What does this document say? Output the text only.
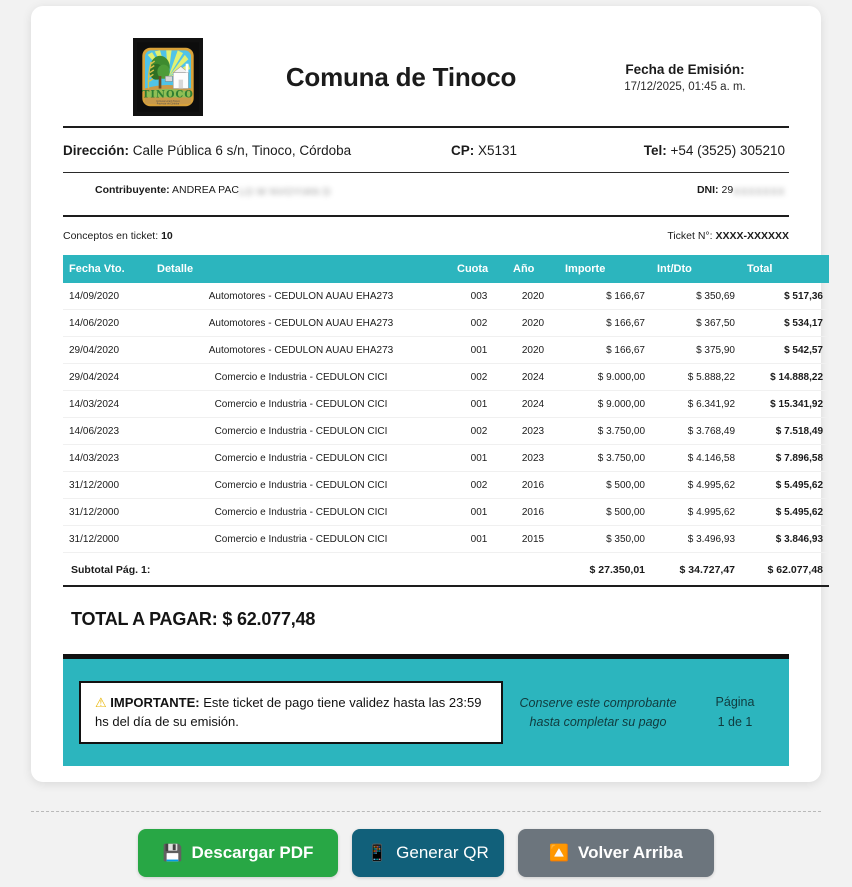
TINOCO
Comuna Lorem Tinoco
Provincia de Córdoba
Comuna de Tinoco	Fecha de Emisión:
17/12/2025, 01:45 a. m.
Dirección: Calle Pública 6 s/n, Tinoco, Córdoba	CP: X5131	Tel: +54 (3525) 305210
Contribuyente: ANDREA PACLO M NVOYIAN D	DNI: 29XXXXXXX
Conceptos en ticket: 10	Ticket N°: XXXX-XXXXXX
Fecha Vto.	Detalle	Cuota	Año	Importe	Int/Dto	Total
14/09/2020	Automotores - CEDULON AUAU EHA273	003	2020	$ 166,67	$ 350,69	$ 517,36
14/06/2020	Automotores - CEDULON AUAU EHA273	002	2020	$ 166,67	$ 367,50	$ 534,17
29/04/2020	Automotores - CEDULON AUAU EHA273	001	2020	$ 166,67	$ 375,90	$ 542,57
29/04/2024	Comercio e Industria - CEDULON CICI	002	2024	$ 9.000,00	$ 5.888,22	$ 14.888,22
14/03/2024	Comercio e Industria - CEDULON CICI	001	2024	$ 9.000,00	$ 6.341,92	$ 15.341,92
14/06/2023	Comercio e Industria - CEDULON CICI	002	2023	$ 3.750,00	$ 3.768,49	$ 7.518,49
14/03/2023	Comercio e Industria - CEDULON CICI	001	2023	$ 3.750,00	$ 4.146,58	$ 7.896,58
31/12/2000	Comercio e Industria - CEDULON CICI	002	2016	$ 500,00	$ 4.995,62	$ 5.495,62
31/12/2000	Comercio e Industria - CEDULON CICI	001	2016	$ 500,00	$ 4.995,62	$ 5.495,62
31/12/2000	Comercio e Industria - CEDULON CICI	001	2015	$ 350,00	$ 3.496,93	$ 3.846,93
Subtotal Pág. 1:				$ 27.350,01	$ 34.727,47	$ 62.077,48
TOTAL A PAGAR: $ 62.077,48
⚠ IMPORTANTE: Este ticket de pago tiene validez hasta las 23:59 hs del día de su emisión.
Conserve este comprobante hasta completar su pago
Página
1 de 1
💾 Descargar PDF	📱 Generar QR	🔼 Volver Arriba
